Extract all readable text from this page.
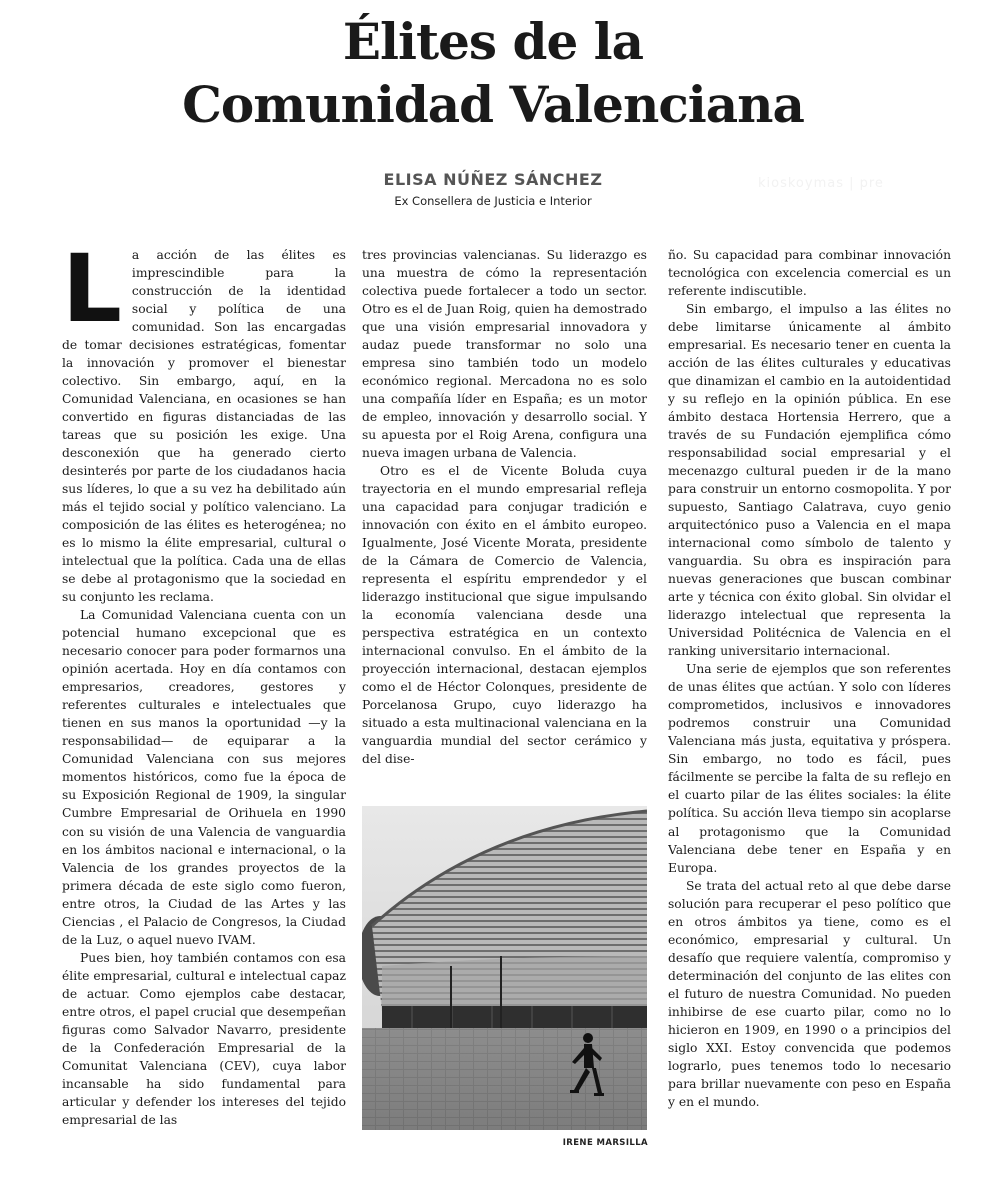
Élites de la
Comunidad Valenciana
ELISA NÚÑEZ SÁNCHEZ
Ex Consellera de Justicia e Interior
kioskoymas | pre

La acción de las élites es imprescindible para la construcción de la identidad social y política de una comunidad. Son las encargadas de tomar decisiones estratégicas, fomentar la innovación y promover el bienestar colectivo. Sin embargo, aquí, en la Comunidad Valenciana, en ocasiones se han convertido en figuras distanciadas de las tareas que su posición les exige. Una desconexión que ha generado cierto desinterés por parte de los ciudadanos hacia sus líderes, lo que a su vez ha debilitado aún más el tejido social y político valenciano. La composición de las élites es heterogénea; no es lo mismo la élite empresarial, cultural o intelectual que la política. Cada una de ellas se debe al protagonismo que la sociedad en su conjunto les reclama.

La Comunidad Valenciana cuenta con un potencial humano excepcional que es necesario conocer para poder formarnos una opinión acertada. Hoy en día contamos con empresarios, creadores, gestores y referentes culturales e intelectuales que tienen en sus manos la oportunidad —y la responsabilidad— de equiparar a la Comunidad Valenciana con sus mejores momentos históricos, como fue la época de su Exposición Regional de 1909, la singular Cumbre Empresarial de Orihuela en 1990 con su visión de una Valencia de vanguardia en los ámbitos nacional e internacional, o la Valencia de los grandes proyectos de la primera década de este siglo como fueron, entre otros, la Ciudad de las Artes y las Ciencias , el Palacio de Congresos, la Ciudad de la Luz, o aquel nuevo IVAM.

Pues bien, hoy también contamos con esa élite empresarial, cultural e intelectual capaz de actuar. Como ejemplos cabe destacar, entre otros, el papel crucial que desempeñan figuras como Salvador Navarro, presidente de la Confederación Empresarial de la Comunitat Valenciana (CEV), cuya labor incansable ha sido fundamental para articular y defender los intereses del tejido empresarial de las

tres provincias valencianas. Su liderazgo es una muestra de cómo la representación colectiva puede fortalecer a todo un sector. Otro es el de Juan Roig, quien ha demostrado que una visión empresarial innovadora y audaz puede transformar no solo una empresa sino también todo un modelo económico regional. Mercadona no es solo una compañía líder en España; es un motor de empleo, innovación y desarrollo social. Y su apuesta por el Roig Arena, configura una nueva imagen urbana de Valencia.

Otro es el de Vicente Boluda cuya trayectoria en el mundo empresarial refleja una capacidad para conjugar tradición e innovación con éxito en el ámbito europeo. Igualmente, José Vicente Morata, presidente de la Cámara de Comercio de Valencia, representa el espíritu emprendedor y el liderazgo institucional que sigue impulsando la economía valenciana desde una perspectiva estratégica en un contexto internacional convulso. En el ámbito de la proyección internacional, destacan ejemplos como el de Héctor Colonques, presidente de Porcelanosa Grupo, cuyo liderazgo ha situado a esta multinacional valenciana en la vanguardia mundial del sector cerámico y del dise-

IRENE MARSILLA

ño. Su capacidad para combinar innovación tecnológica con excelencia comercial es un referente indiscutible.

Sin embargo, el impulso a las élites no debe limitarse únicamente al ámbito empresarial. Es necesario tener en cuenta la acción de las élites culturales y educativas que dinamizan el cambio en la autoidentidad y su reflejo en la opinión pública. En ese ámbito destaca Hortensia Herrero, que a través de su Fundación ejemplifica cómo responsabilidad social empresarial y el mecenazgo cultural pueden ir de la mano para construir un entorno cosmopolita. Y por supuesto, Santiago Calatrava, cuyo genio arquitectónico puso a Valencia en el mapa internacional como símbolo de talento y vanguardia. Su obra es inspiración para nuevas generaciones que buscan combinar arte y técnica con éxito global. Sin olvidar el liderazgo intelectual que representa la Universidad Politécnica de Valencia en el ranking universitario internacional.

Una serie de ejemplos que son referentes de unas élites que actúan. Y solo con líderes comprometidos, inclusivos e innovadores podremos construir una Comunidad Valenciana más justa, equitativa y próspera. Sin embargo, no todo es fácil, pues fácilmente se percibe la falta de su reflejo en el cuarto pilar de las élites sociales: la élite política. Su acción lleva tiempo sin acoplarse al protagonismo que la Comunidad Valenciana debe tener en España y en Europa.

Se trata del actual reto al que debe darse solución para recuperar el peso político que en otros ámbitos ya tiene, como es el económico, empresarial y cultural. Un desafío que requiere valentía, compromiso y determinación del conjunto de las elites con el futuro de nuestra Comunidad. No pueden inhibirse de ese cuarto pilar, como no lo hicieron en 1909, en 1990 o a principios del siglo XXI. Estoy convencida que podemos lograrlo, pues tenemos todo lo necesario para brillar nuevamente con peso en España y en el mundo.
